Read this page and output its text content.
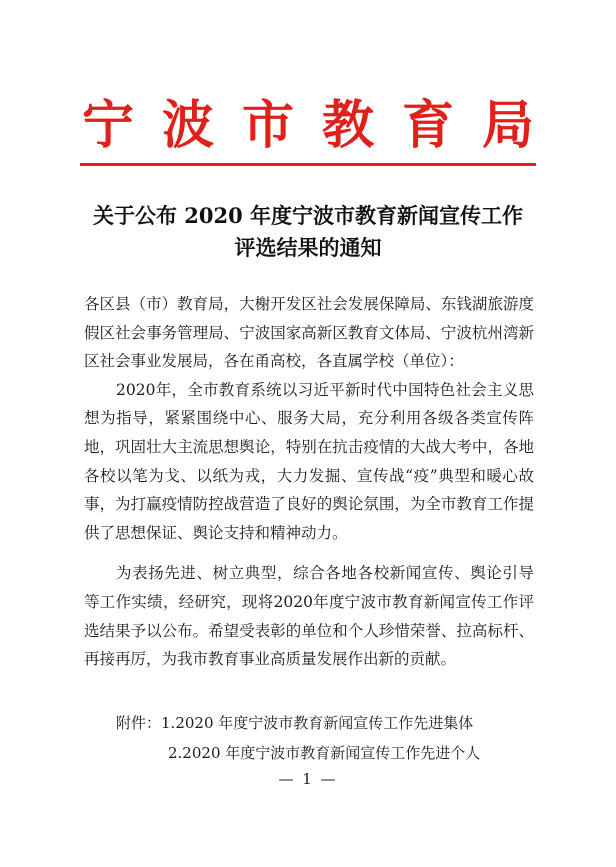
宁波市教育局
关于公布 2020 年度宁波市教育新闻宣传工作
评选结果的通知

各区县（市）教育局，大榭开发区社会发展保障局、东钱湖旅游度假区社会事务管理局、宁波国家高新区教育文体局、宁波杭州湾新区社会事业发展局，各在甬高校，各直属学校（单位）：

2020年，全市教育系统以习近平新时代中国特色社会主义思想为指导，紧紧围绕中心、服务大局，充分利用各级各类宣传阵地，巩固壮大主流思想舆论，特别在抗击疫情的大战大考中，各地各校以笔为戈、以纸为戎，大力发掘、宣传战“疫”典型和暖心故事，为打赢疫情防控战营造了良好的舆论氛围，为全市教育工作提供了思想保证、舆论支持和精神动力。

为表扬先进、树立典型，综合各地各校新闻宣传、舆论引导等工作实绩，经研究，现将2020年度宁波市教育新闻宣传工作评选结果予以公布。希望受表彰的单位和个人珍惜荣誉、拉高标杆、再接再厉，为我市教育事业高质量发展作出新的贡献。

附件：1.2020 年度宁波市教育新闻宣传工作先进集体
2.2020 年度宁波市教育新闻宣传工作先进个人
— 1 —
